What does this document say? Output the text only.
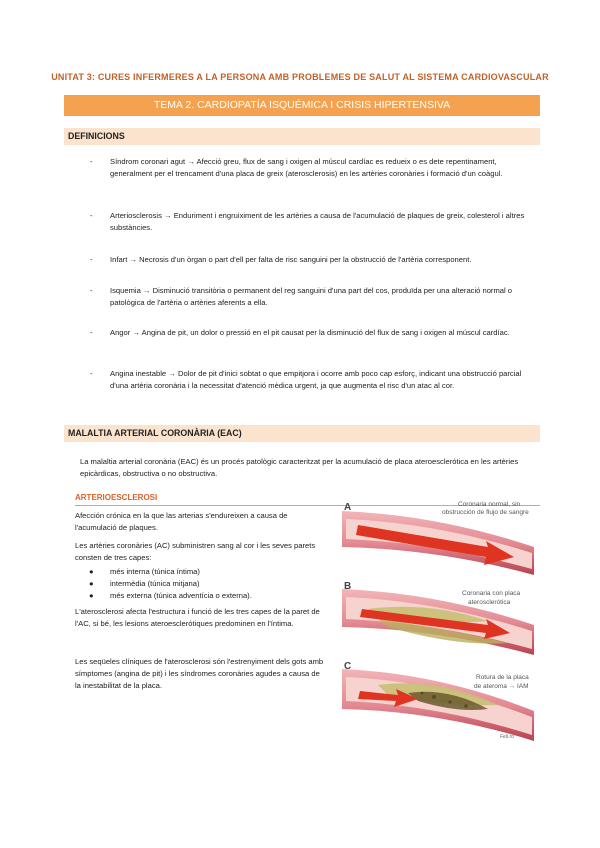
UNITAT 3: CURES INFERMERES A LA PERSONA AMB PROBLEMES DE SALUT AL SISTEMA CARDIOVASCULAR
TEMA 2. CARDIOPATÍA ISQUÉMICA I CRISIS HIPERTENSIVA
DEFINICIONS
- Síndrom coronari agut → Afecció greu, flux de sang i oxigen al múscul cardíac es redueix o es dete repentinament, generalment per el trencament d'una placa de greix (aterosclerosis) en les artèries coronàries i formació d'un coàgul.
- Arteriosclerosis → Enduriment i engruiximent de les artèries a causa de l'acumulació de plaques de greix, colesterol i altres substàncies.
- Infart → Necrosis d'un òrgan o part d'ell per falta de risc sanguini per la obstrucció de l'artèria corresponent.
- Isquemia → Disminució transitòria o permanent del reg sanguini d'una part del cos, produïda per una alteració normal o patològica de l'artèria o artèries aferents a ella.
- Angor → Angina de pit, un dolor o pressió en el pit causat per la disminució del flux de sang i oxigen al múscul cardíac.
- Angina inestable → Dolor de pit d'inici sobtat o que empitjora i ocorre amb poco cap esforç, indicant una obstrucció parcial d'una artèria coronària i la necessitat d'atenció mèdica urgent, ja que augmenta el risc d'un atac al cor.
MALALTIA ARTERIAL CORONÀRIA (EAC)
La malaltia arterial coronària (EAC) és un procés patològic caracteritzat per la acumulació de placa ateroesclerótica en les artèries epicàrdicas, obstructiva o no obstructiva.
ARTERIOESCLEROSI
Afección crónica en la que las arterias s'endureixen a causa de l'acumulació de plaques.
Les artèries coronàries (AC) subministren sang al cor i les seves parets consten de tres capes:
● més interna (túnica íntima)
● intermèdia (túnica mitjana)
● més externa (túnica adventícia o externa).
L'aterosclerosi afecta l'estructura i funció de les tres capes de la paret de l'AC, si bé, les lesions ateroesclerótiques predominen en l'íntima.
Les seqüeles clíniques de l'aterosclerosi són l'estrenyiment dels gots amb símptomes (angina de pit) i les síndromes coronàries agudes a causa de la inestabilitat de la placa.
A	Coronaria normal, sin
obstrucción de flujo de sangre
B
Coronaria con placa
aterosclerótica
C
Rotura de la placa
de ateroma → IAM
Feli.ro
